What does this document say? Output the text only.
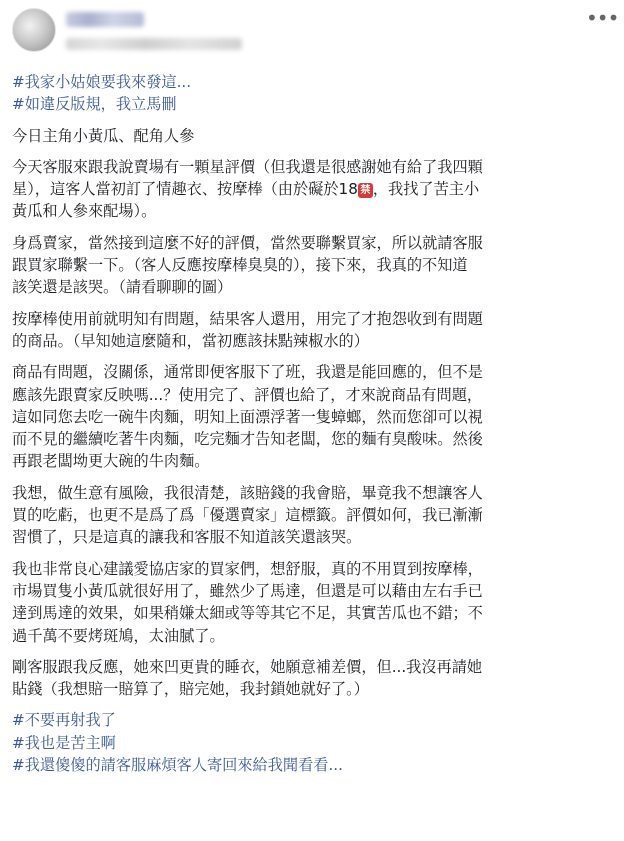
•••

#我家小姑娘要我來發這...

#如違反版規，我立馬刪

今日主角小黃瓜、配角人參

今天客服來跟我說賣場有一顆星評價（但我還是很感謝她有給了我四顆
星），這客人當初訂了情趣衣、按摩棒（由於礙於18 禁 ，我找了苦主小
黃瓜和人參來配場）。

身爲賣家，當然接到這麼不好的評價，當然要聯繫買家，所以就請客服
跟買家聯繫一下。（客人反應按摩棒臭臭的），接下來，我真的不知道
該笑還是該哭。（請看聊聊的圖）

按摩棒使用前就明知有問題，結果客人還用，用完了才抱怨收到有問題
的商品。（早知她這麼隨和，當初應該抹點辣椒水的）

商品有問題，沒關係，通常即便客服下了班，我還是能回應的，但不是
應該先跟賣家反映嗎...？使用完了、評價也給了，才來說商品有問題，
這如同您去吃一碗牛肉麵，明知上面漂浮著一隻蟑螂，然而您卻可以視
而不見的繼續吃著牛肉麵，吃完麵才告知老闆，您的麵有臭酸味。然後
再跟老闆坳更大碗的牛肉麵。

我想，做生意有風險，我很清楚，該賠錢的我會賠，畢竟我不想讓客人
買的吃虧，也更不是爲了爲「優選賣家」這標籤。評價如何，我已漸漸
習慣了，只是這真的讓我和客服不知道該笑還該哭。

我也非常良心建議愛協店家的買家們，想舒服，真的不用買到按摩棒，
市場買隻小黃瓜就很好用了，雖然少了馬達，但還是可以藉由左右手已
達到馬達的效果，如果稍嫌太細或等等其它不足，其實苦瓜也不錯；不
過千萬不要烤斑鳩，太油膩了。

剛客服跟我反應，她來凹更貴的睡衣，她願意補差價，但...我沒再請她
貼錢（我想賠一賠算了，賠完她，我封鎖她就好了。）

#不要再射我了

#我也是苦主啊

#我還傻傻的請客服麻煩客人寄回來給我聞看看...
